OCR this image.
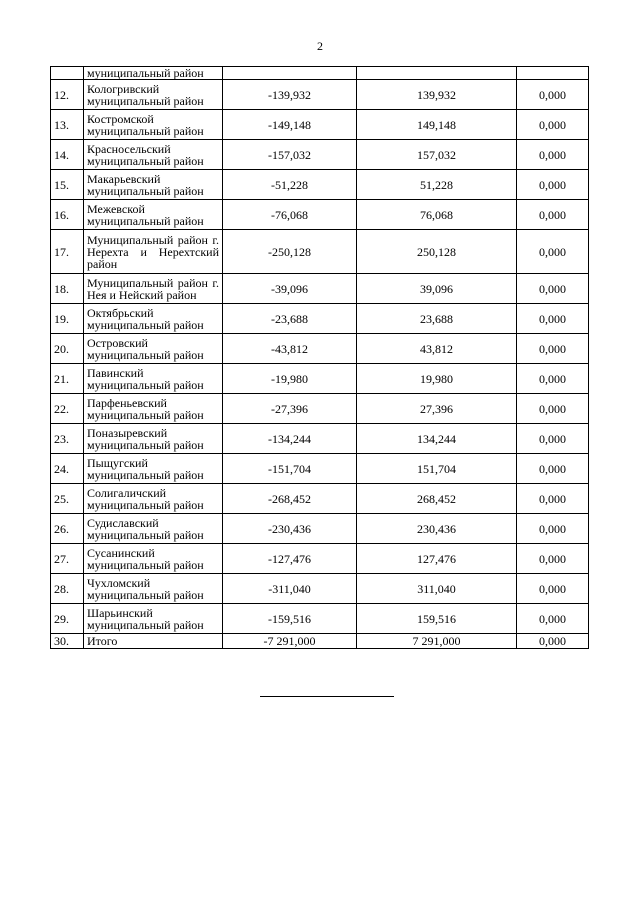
2
	муниципальный район			
12.	Кологривский муниципальный район	-139,932	139,932	0,000
13.	Костромской муниципальный район	-149,148	149,148	0,000
14.	Красносельский муниципальный район	-157,032	157,032	0,000
15.	Макарьевский муниципальный район	-51,228	51,228	0,000
16.	Межевской муниципальный район	-76,068	76,068	0,000
17.	Муниципальный район г. Нерехта и Нерехтский район	-250,128	250,128	0,000
18.	Муниципальный район г. Нея и Нейский район	-39,096	39,096	0,000
19.	Октябрьский муниципальный район	-23,688	23,688	0,000
20.	Островский муниципальный район	-43,812	43,812	0,000
21.	Павинский муниципальный район	-19,980	19,980	0,000
22.	Парфеньевский муниципальный район	-27,396	27,396	0,000
23.	Поназыревский муниципальный район	-134,244	134,244	0,000
24.	Пыщугский муниципальный район	-151,704	151,704	0,000
25.	Солигаличский муниципальный район	-268,452	268,452	0,000
26.	Судиславский муниципальный район	-230,436	230,436	0,000
27.	Сусанинский муниципальный район	-127,476	127,476	0,000
28.	Чухломский муниципальный район	-311,040	311,040	0,000
29.	Шарьинский муниципальный район	-159,516	159,516	0,000
30.	Итого	-7 291,000	7 291,000	0,000
